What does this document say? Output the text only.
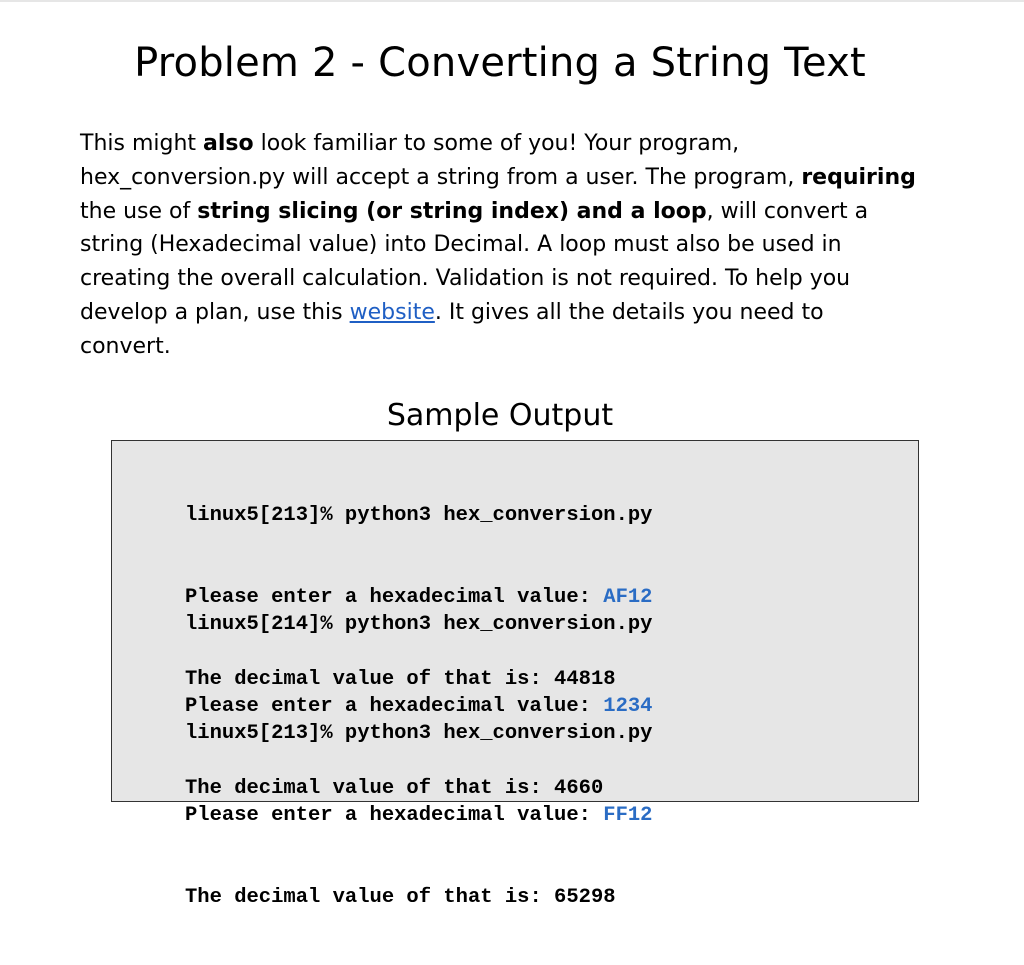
Problem 2 - Converting a String Text

This might also look familiar to some of you! Your program, hex_conversion.py will accept a string from a user. The program, requiring the use of string slicing (or string index) and a loop, will convert a string (Hexadecimal value) into Decimal. A loop must also be used in creating the overall calculation. Validation is not required. To help you develop a plan, use this website. It gives all the details you need to convert.

Sample Output

linux5[213]% python3 hex_conversion.py

Please enter a hexadecimal value: AF12

The decimal value of that is: 44818

linux5[214]% python3 hex_conversion.py

Please enter a hexadecimal value: 1234

The decimal value of that is: 4660

linux5[213]% python3 hex_conversion.py

Please enter a hexadecimal value: FF12

The decimal value of that is: 65298
